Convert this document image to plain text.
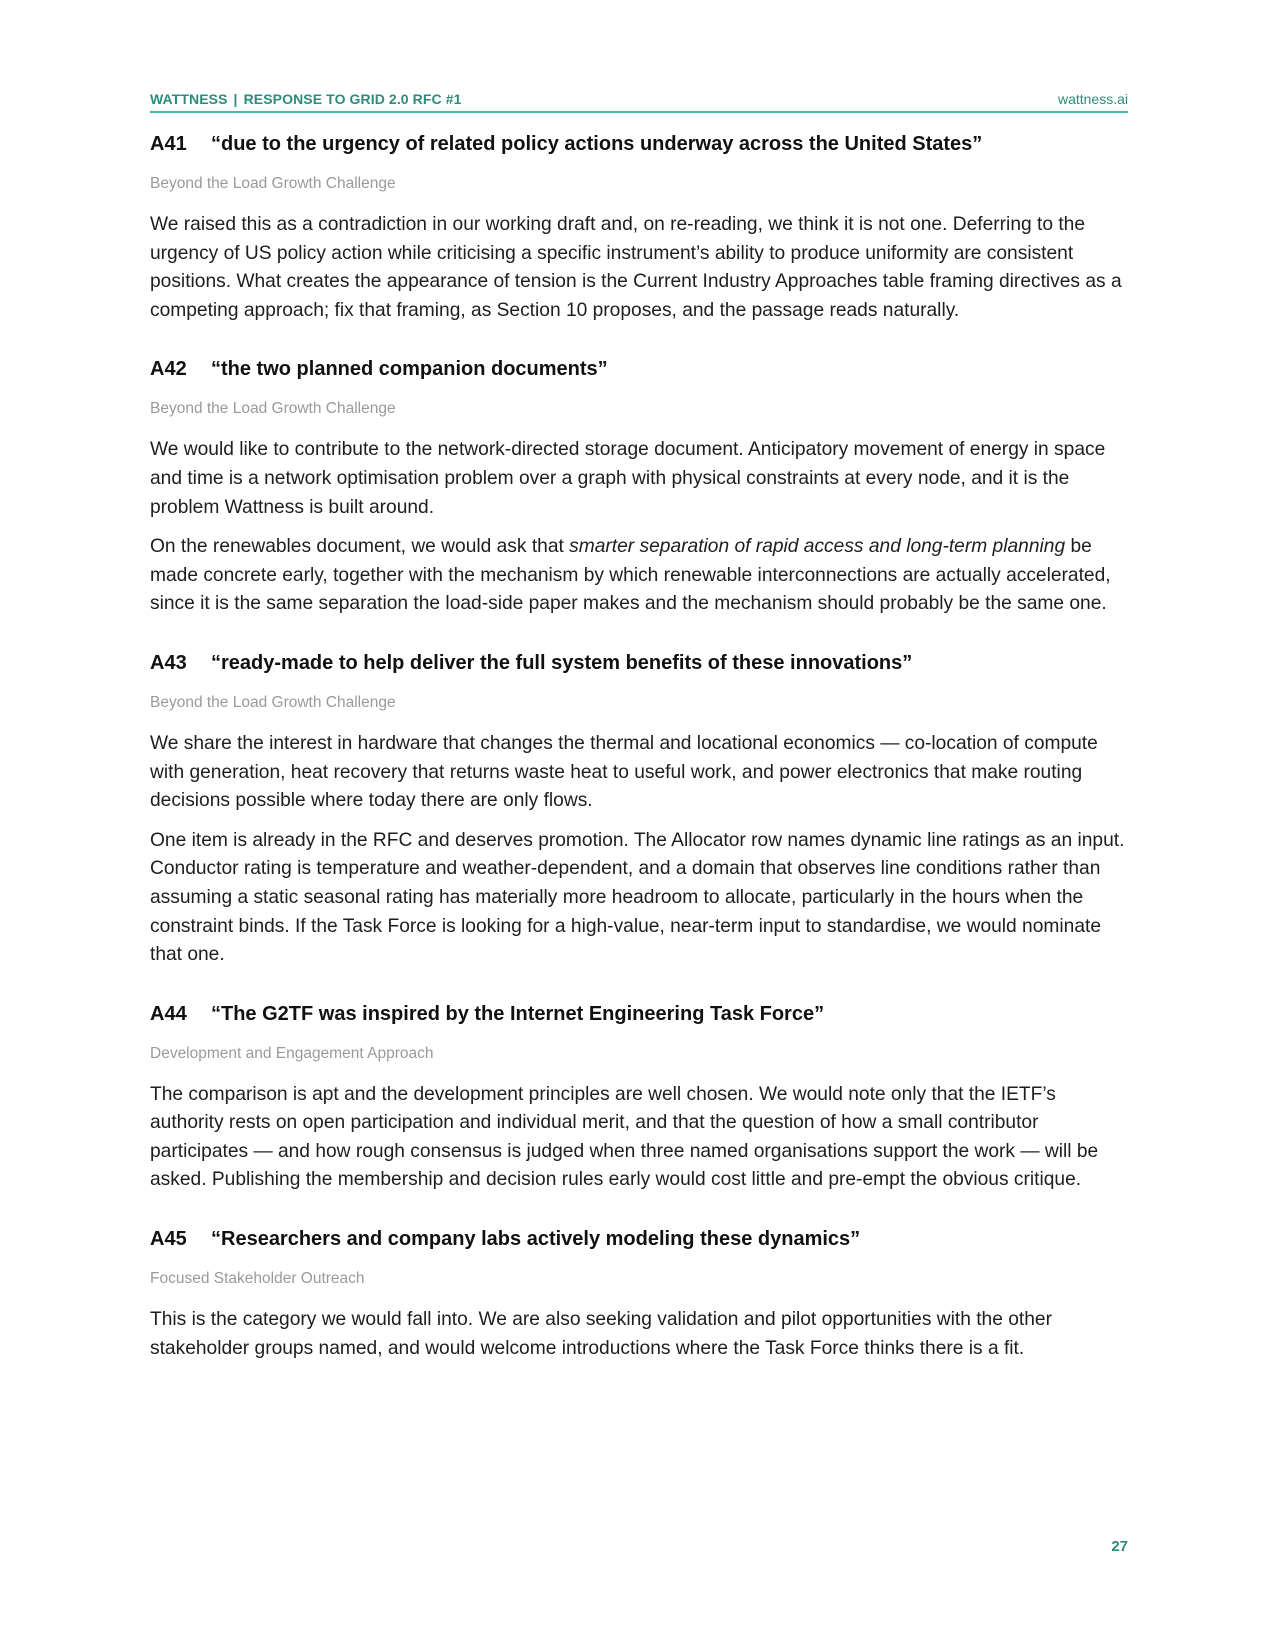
WATTNESS | RESPONSE TO GRID 2.0 RFC #1	wattness.ai
A41 “due to the urgency of related policy actions underway across the United States”
Beyond the Load Growth Challenge

We raised this as a contradiction in our working draft and, on re-reading, we think it is not one. Deferring to the urgency of US policy action while criticising a specific instrument’s ability to produce uniformity are consistent positions. What creates the appearance of tension is the Current Industry Approaches table framing directives as a competing approach; fix that framing, as Section 10 proposes, and the passage reads naturally.

A42 “the two planned companion documents”
Beyond the Load Growth Challenge

We would like to contribute to the network-directed storage document. Anticipatory movement of energy in space and time is a network optimisation problem over a graph with physical constraints at every node, and it is the problem Wattness is built around.

On the renewables document, we would ask that smarter separation of rapid access and long-term planning be made concrete early, together with the mechanism by which renewable interconnections are actually accelerated, since it is the same separation the load-side paper makes and the mechanism should probably be the same one.

A43 “ready-made to help deliver the full system benefits of these innovations”
Beyond the Load Growth Challenge

We share the interest in hardware that changes the thermal and locational economics — co-location of compute with generation, heat recovery that returns waste heat to useful work, and power electronics that make routing decisions possible where today there are only flows.

One item is already in the RFC and deserves promotion. The Allocator row names dynamic line ratings as an input. Conductor rating is temperature and weather-dependent, and a domain that observes line conditions rather than assuming a static seasonal rating has materially more headroom to allocate, particularly in the hours when the constraint binds. If the Task Force is looking for a high-value, near-term input to standardise, we would nominate that one.

A44 “The G2TF was inspired by the Internet Engineering Task Force”
Development and Engagement Approach

The comparison is apt and the development principles are well chosen. We would note only that the IETF’s authority rests on open participation and individual merit, and that the question of how a small contributor participates — and how rough consensus is judged when three named organisations support the work — will be asked. Publishing the membership and decision rules early would cost little and pre-empt the obvious critique.

A45 “Researchers and company labs actively modeling these dynamics”
Focused Stakeholder Outreach

This is the category we would fall into. We are also seeking validation and pilot opportunities with the other stakeholder groups named, and would welcome introductions where the Task Force thinks there is a fit.

27
